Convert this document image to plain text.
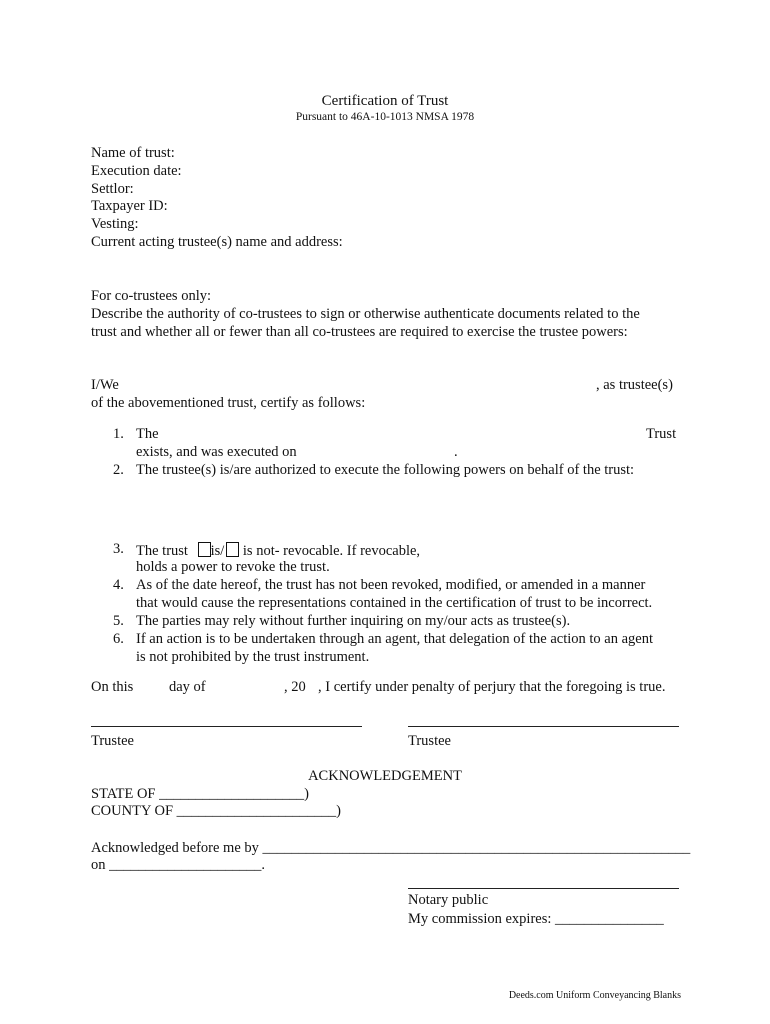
Certification of Trust
Pursuant to 46A-10-1013 NMSA 1978
Name of trust:
Execution date:
Settlor:
Taxpayer ID:
Vesting:
Current acting trustee(s) name and address:
For co-trustees only:
Describe the authority of co-trustees to sign or otherwise authenticate documents related to the
trust and whether all or fewer than all co-trustees are required to exercise the trustee powers:
I/We	, as trustee(s)
of the abovementioned trust, certify as follows:
1. The	Trust
exists, and was executed on	.
2. The trustee(s) is/are authorized to execute the following powers on behalf of the trust:
3. The trust is/ is not- revocable. If revocable,
holds a power to revoke the trust.
4. As of the date hereof, the trust has not been revoked, modified, or amended in a manner
that would cause the representations contained in the certification of trust to be incorrect.
5. The parties may rely without further inquiring on my/our acts as trustee(s).
6. If an action is to be undertaken through an agent, that delegation of the action to an agent
is not prohibited by the trust instrument.
On this day of	, 20 , I certify under penalty of perjury that the foregoing is true.
Trustee	Trustee
ACKNOWLEDGEMENT
STATE OF ____________________)
COUNTY OF ______________________)
Acknowledged before me by ___________________________________________________________
on _____________________.
Notary public
My commission expires: _______________
Deeds.com Uniform Conveyancing Blanks
